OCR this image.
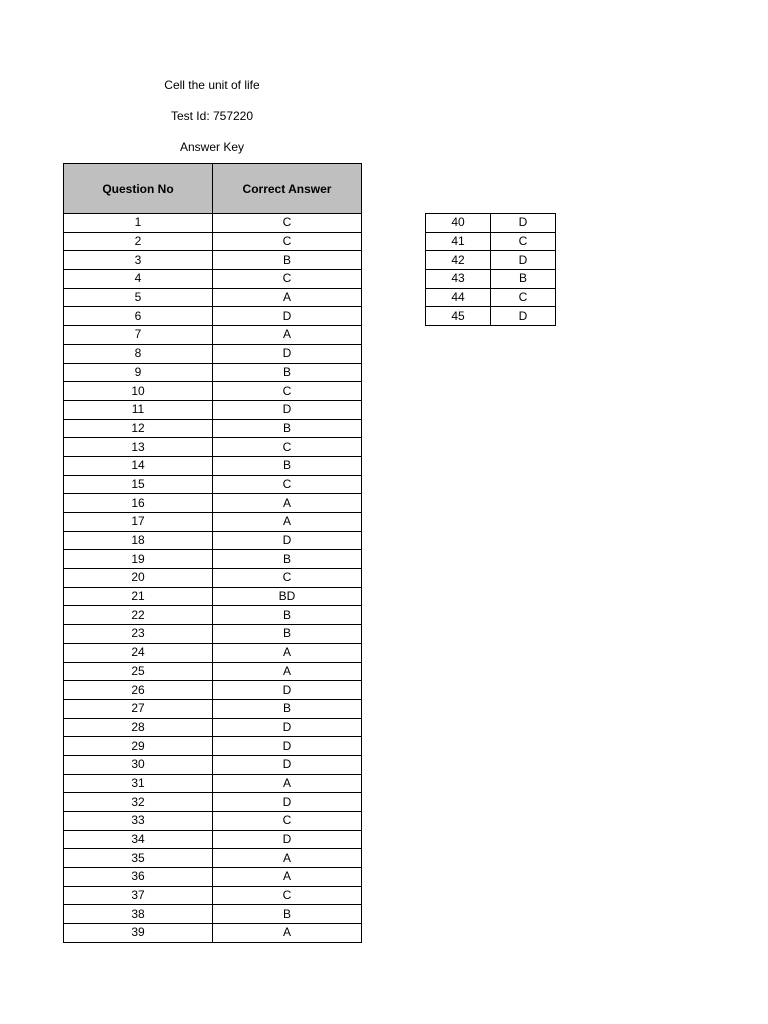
Cell the unit of life
Test Id: 757220
Answer Key
Question No	Correct Answer
1	C
2	C
3	B
4	C
5	A
6	D
7	A
8	D
9	B
10	C
11	D
12	B
13	C
14	B
15	C
16	A
17	A
18	D
19	B
20	C
21	BD
22	B
23	B
24	A
25	A
26	D
27	B
28	D
29	D
30	D
31	A
32	D
33	C
34	D
35	A
36	A
37	C
38	B
39	A
40	D
41	C
42	D
43	B
44	C
45	D
